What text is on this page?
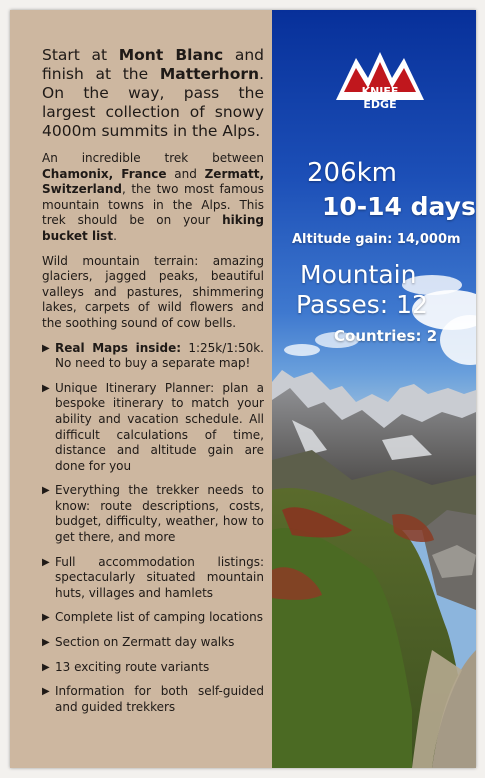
Start at Mont Blanc and finish at the Matterhorn. On the way, pass the largest collection of snowy 4000m summits in the Alps.

An incredible trek between Chamonix, France and Zermatt, Switzerland, the two most famous mountain towns in the Alps. This trek should be on your hiking bucket list.

Wild mountain terrain: amazing glaciers, jagged peaks, beautiful valleys and pastures, shimmering lakes, carpets of wild flowers and the soothing sound of cow bells.

▶ Real Maps inside: 1:25k/1:50k. No need to buy a separate map!
▶ Unique Itinerary Planner: plan a bespoke itinerary to match your ability and vacation schedule. All difficult calculations of time, distance and altitude gain are done for you
▶ Everything the trekker needs to know: route descriptions, costs, budget, difficulty, weather, how to get there, and more
▶ Full accommodation listings: spectacularly situated mountain huts, villages and hamlets
▶ Complete list of camping locations
▶ Section on Zermatt day walks
▶ 13 exciting route variants
▶ Information for both self-guided and guided trekkers
KNIFE
EDGE
206km
10-14 days
Altitude gain: 14,000m
Mountain
Passes: 12
Countries: 2
